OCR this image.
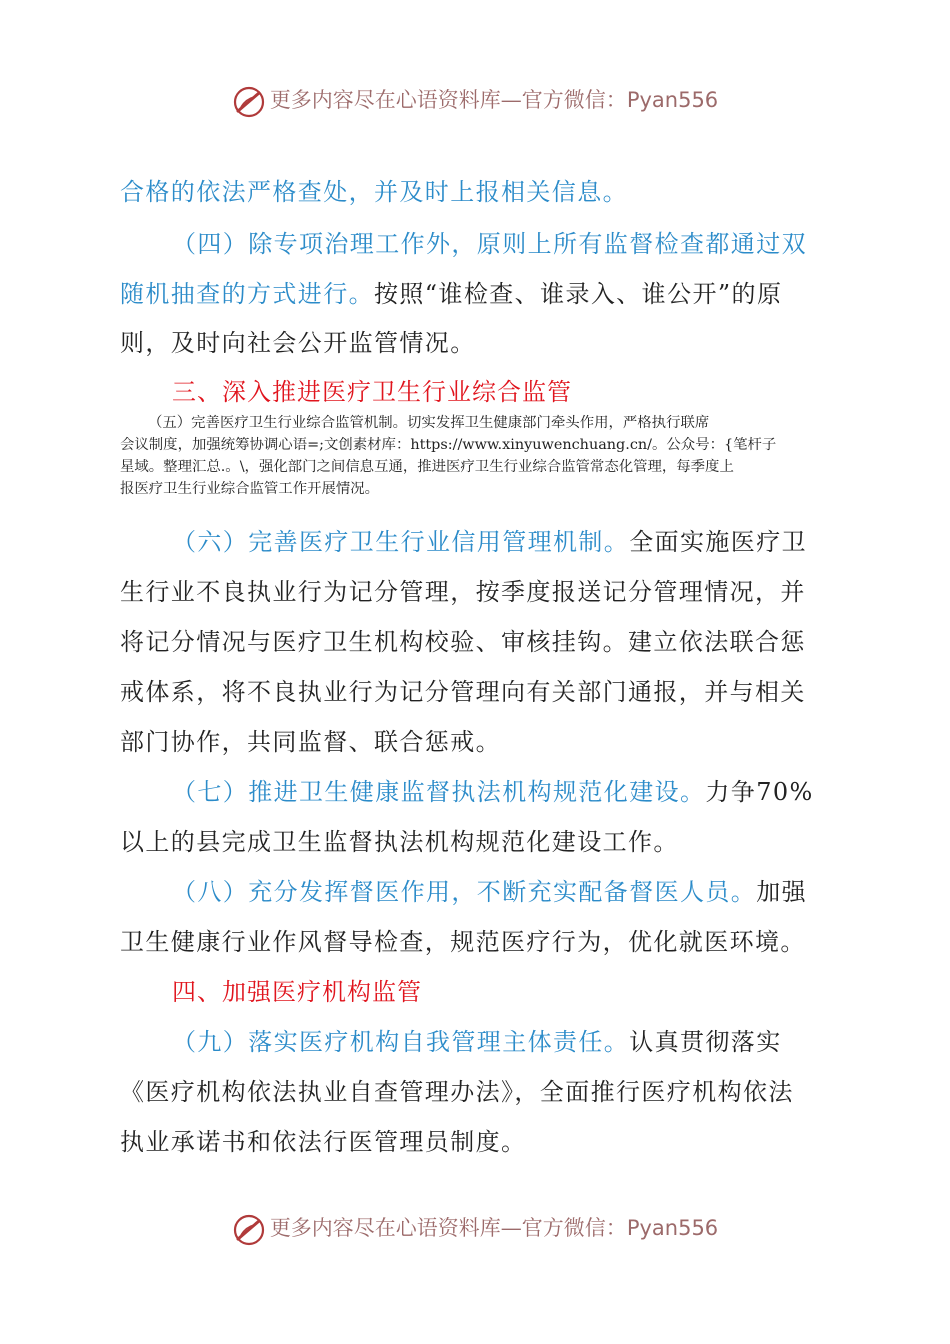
更多内容尽在心语资料库—官方微信：Pyan556
合格的依法严格查处，并及时上报相关信息。
（四）除专项治理工作外，原则上所有监督检查都通过双
随机抽查的方式进行。按照“谁检查、谁录入、谁公开”的原
则，及时向社会公开监管情况。
三、深入推进医疗卫生行业综合监管

（五）完善医疗卫生行业综合监管机制。切实发挥卫生健康部门牵头作用，严格执行联席

会议制度，加强统筹协调心语=;文创素材库：https://www.xinyuwenchuang.cn/。公众号：{笔杆子

星域。整理汇总.。\，强化部门之间信息互通，推进医疗卫生行业综合监管常态化管理，每季度上

报医疗卫生行业综合监管工作开展情况。

（六）完善医疗卫生行业信用管理机制。全面实施医疗卫
生行业不良执业行为记分管理，按季度报送记分管理情况，并
将记分情况与医疗卫生机构校验、审核挂钩。建立依法联合惩
戒体系，将不良执业行为记分管理向有关部门通报，并与相关
部门协作，共同监督、联合惩戒。
（七）推进卫生健康监督执法机构规范化建设。力争70%
以上的县完成卫生监督执法机构规范化建设工作。
（八）充分发挥督医作用，不断充实配备督医人员。加强
卫生健康行业作风督导检查，规范医疗行为，优化就医环境。
四、加强医疗机构监管
（九）落实医疗机构自我管理主体责任。认真贯彻落实
《医疗机构依法执业自查管理办法》，全面推行医疗机构依法
执业承诺书和依法行医管理员制度。
更多内容尽在心语资料库—官方微信：Pyan556
